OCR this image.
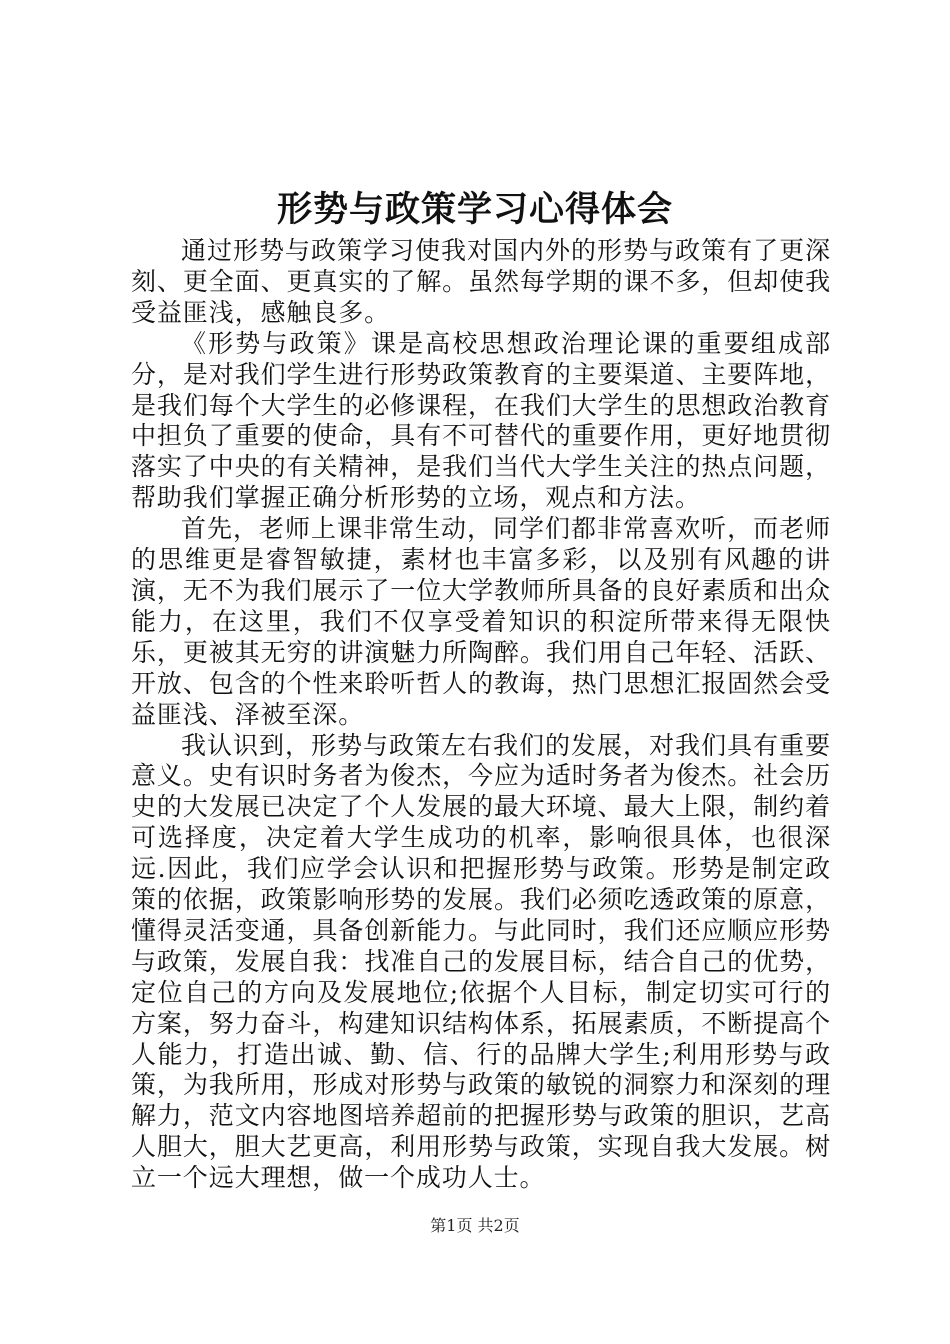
形势与政策学习心得体会

通过形势与政策学习使我对国内外的形势与政策有了更深刻、更全面、更真实的了解。虽然每学期的课不多，但却使我受益匪浅，感触良多。

《形势与政策》课是高校思想政治理论课的重要组成部分，是对我们学生进行形势政策教育的主要渠道、主要阵地，是我们每个大学生的必修课程，在我们大学生的思想政治教育中担负了重要的使命，具有不可替代的重要作用，更好地贯彻落实了中央的有关精神，是我们当代大学生关注的热点问题，帮助我们掌握正确分析形势的立场，观点和方法。

首先，老师上课非常生动，同学们都非常喜欢听，而老师的思维更是睿智敏捷，素材也丰富多彩，以及别有风趣的讲演，无不为我们展示了一位大学教师所具备的良好素质和出众能力，在这里，我们不仅享受着知识的积淀所带来得无限快乐，更被其无穷的讲演魅力所陶醉。我们用自己年轻、活跃、开放、包含的个性来聆听哲人的教诲，热门思想汇报固然会受益匪浅、泽被至深。

我认识到，形势与政策左右我们的发展，对我们具有重要意义。史有识时务者为俊杰，今应为适时务者为俊杰。社会历史的大发展已决定了个人发展的最大环境、最大上限，制约着可选择度，决定着大学生成功的机率，影响很具体，也很深远.因此，我们应学会认识和把握形势与政策。形势是制定政策的依据，政策影响形势的发展。我们必须吃透政策的原意，懂得灵活变通，具备创新能力。与此同时，我们还应顺应形势与政策，发展自我：找准自己的发展目标，结合自己的优势，定位自己的方向及发展地位;依据个人目标，制定切实可行的方案，努力奋斗，构建知识结构体系，拓展素质，不断提高个人能力，打造出诚、勤、信、行的品牌大学生;利用形势与政策，为我所用，形成对形势与政策的敏锐的洞察力和深刻的理解力，范文内容地图培养超前的把握形势与政策的胆识，艺高人胆大，胆大艺更高，利用形势与政策，实现自我大发展。树立一个远大理想，做一个成功人士。

第1页 共2页
